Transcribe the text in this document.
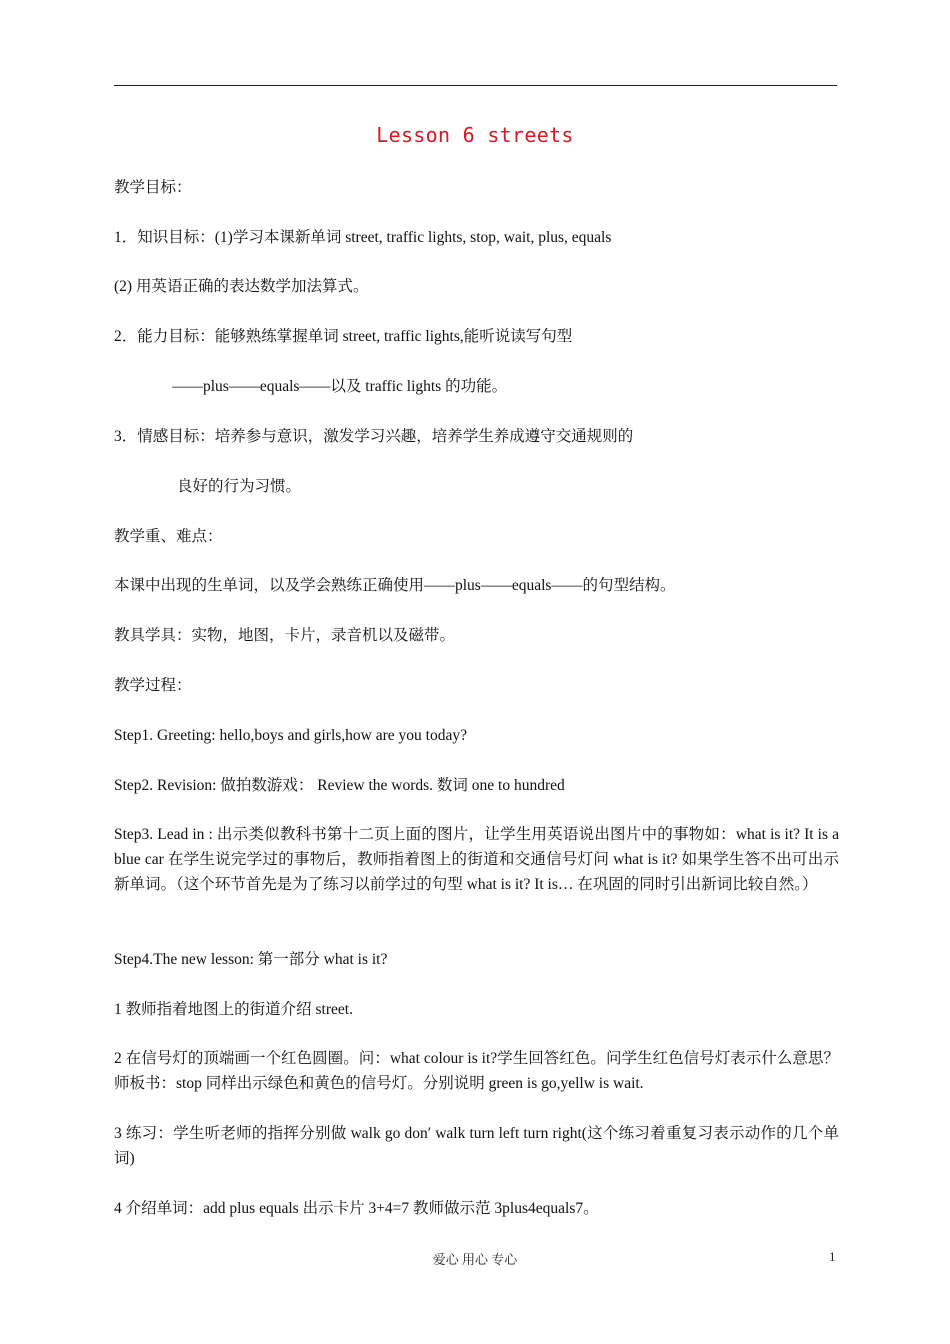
Lesson 6 streets
教学目标：
1．知识目标：(1)学习本课新单词 street, traffic lights, stop, wait, plus, equals
(2) 用英语正确的表达数学加法算式。
2．能力目标：能够熟练掌握单词 street, traffic lights,能听说读写句型
——plus——equals——以及 traffic lights 的功能。
3．情感目标：培养参与意识，激发学习兴趣，培养学生养成遵守交通规则的
良好的行为习惯。
教学重、难点：
本课中出现的生单词，以及学会熟练正确使用——plus——equals——的句型结构。
教具学具：实物，地图，卡片，录音机以及磁带。
教学过程：
Step1. Greeting: hello,boys and girls,how are you today?
Step2. Revision: 做拍数游戏： Review the words. 数词 one to hundred
Step3. Lead in : 出示类似教科书第十二页上面的图片，让学生用英语说出图片中的事物如：what is it? It is a blue car 在学生说完学过的事物后，教师指着图上的街道和交通信号灯问 what is it? 如果学生答不出可出示新单词。（这个环节首先是为了练习以前学过的句型 what is it? It is… 在巩固的同时引出新词比较自然。）
Step4.The new lesson: 第一部分 what is it?
1 教师指着地图上的街道介绍 street.
2 在信号灯的顶端画一个红色圆圈。问：what colour is it?学生回答红色。问学生红色信号灯表示什么意思？师板书：stop 同样出示绿色和黄色的信号灯。分别说明 green is go,yellw is wait.
3 练习：学生听老师的指挥分别做 walk go don′ walk turn left turn right(这个练习着重复习表示动作的几个单词)
4 介绍单词：add plus equals 出示卡片 3+4=7 教师做示范 3plus4equals7。
爱心 用心 专心	1
